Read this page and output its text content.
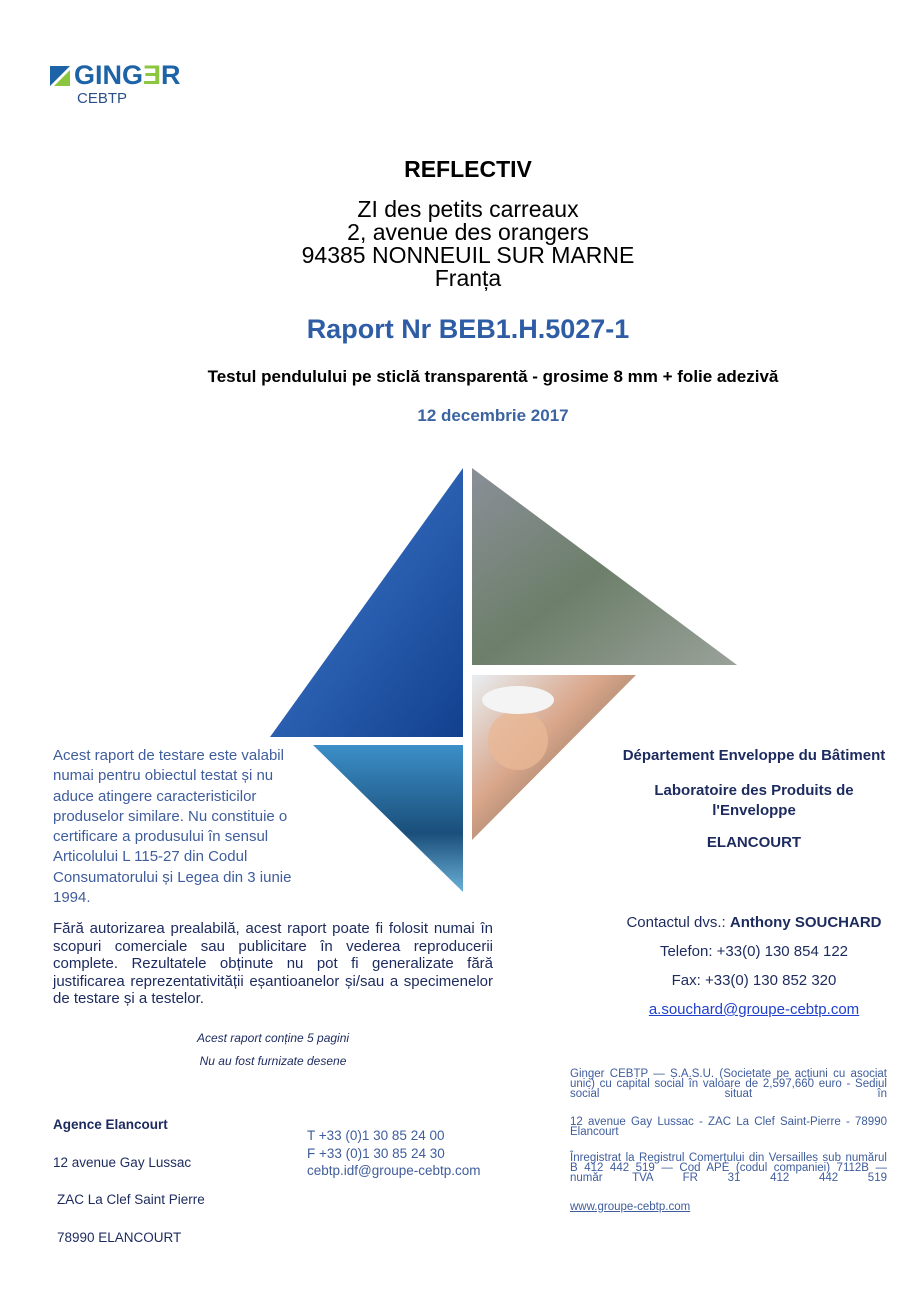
GINGƎR
CEBTP
REFLECTIV
ZI des petits carreaux
2, avenue des orangers
94385 NONNEUIL SUR MARNE
Franța
Raport Nr BEB1.H.5027-1
Testul pendulului pe sticlă transparentă - grosime 8 mm + folie adezivă
12 decembrie 2017
Acest raport de testare este valabil numai pentru obiectul testat și nu aduce atingere caracteristicilor produselor similare. Nu constituie o certificare a produsului în sensul Articolului L 115-27 din Codul Consumatorului și Legea din 3 iunie 1994.
Fără autorizarea prealabilă, acest raport poate fi folosit numai în scopuri comerciale sau publicitare în vederea reproducerii complete. Rezultatele obținute nu pot fi generalizate fără justificarea reprezentativității eșantioanelor și/sau a specimenelor de testare și a testelor.
Acest raport conține 5 pagini
Nu au fost furnizate desene
Département Enveloppe du Bâtiment
Laboratoire des Produits de l'Enveloppe
ELANCOURT
Contactul dvs.: Anthony SOUCHARD
Telefon: +33(0) 130 854 122
Fax: +33(0) 130 852 320
a.souchard@groupe-cebtp.com
Ginger CEBTP — S.A.S.U. (Societate pe acțiuni cu asociat unic) cu capital social în valoare de 2,597,660 euro - Sediul social situat în
12 avenue Gay Lussac - ZAC La Clef Saint-Pierre - 78990 Elancourt
Înregistrat la Registrul Comerțului din Versailles sub numărul B 412 442 519 — Cod APE (codul companiei) 7112B — număr TVA FR 31 412 442 519
www.groupe-cebtp.com
Agence Elancourt
12 avenue Gay Lussac
ZAC La Clef Saint Pierre
78990 ELANCOURT
T +33 (0)1 30 85 24 00
F +33 (0)1 30 85 24 30
cebtp.idf@groupe-cebtp.com
